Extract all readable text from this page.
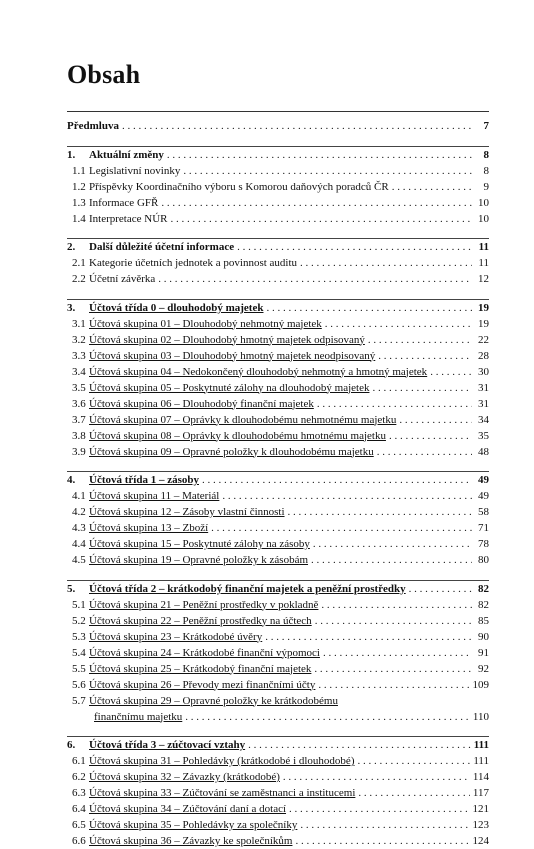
Obsah
Předmluva . . .	7
1.	Aktuální změny . . .	8
1.1 Legislativní novinky . . .	8
1.2 Příspěvky Koordinačního výboru s Komorou daňových poradců ČR . . .	9
1.3 Informace GFŘ . . .	10
1.4 Interpretace NÚR . . .	10
2.	Další důležité účetní informace . . .	11
2.1 Kategorie účetních jednotek a povinnost auditu . . .	11
2.2 Účetní závěrka . . .	12
3.	Účtová třída 0 – dlouhodobý majetek . . .	19
3.1 Účtová skupina 01 – Dlouhodobý nehmotný majetek . . .	19
3.2 Účtová skupina 02 – Dlouhodobý hmotný majetek odpisovaný . . .	22
3.3 Účtová skupina 03 – Dlouhodobý hmotný majetek neodpisovaný . . .	28
3.4 Účtová skupina 04 – Nedokončený dlouhodobý nehmotný a hmotný majetek . . .	30
3.5 Účtová skupina 05 – Poskytnuté zálohy na dlouhodobý majetek . . .	31
3.6 Účtová skupina 06 – Dlouhodobý finanční majetek . . .	31
3.7 Účtová skupina 07 – Oprávky k dlouhodobému nehmotnému majetku . . .	34
3.8 Účtová skupina 08 – Oprávky k dlouhodobému hmotnému majetku . . .	35
3.9 Účtová skupina 09 – Opravné položky k dlouhodobému majetku . . .	48
4.	Účtová třída 1 – zásoby . . .	49
4.1 Účtová skupina 11 – Materiál . . .	49
4.2 Účtová skupina 12 – Zásoby vlastní činnosti . . .	58
4.3 Účtová skupina 13 – Zboží . . .	71
4.4 Účtová skupina 15 – Poskytnuté zálohy na zásoby . . .	78
4.5 Účtová skupina 19 – Opravné položky k zásobám . . .	80
5.	Účtová třída 2 – krátkodobý finanční majetek a peněžní prostředky . . .	82
5.1 Účtová skupina 21 – Peněžní prostředky v pokladně . . .	82
5.2 Účtová skupina 22 – Peněžní prostředky na účtech . . .	85
5.3 Účtová skupina 23 – Krátkodobé úvěry . . .	90
5.4 Účtová skupina 24 – Krátkodobé finanční výpomoci . . .	91
5.5 Účtová skupina 25 – Krátkodobý finanční majetek . . .	92
5.6 Účtová skupina 26 – Převody mezi finančními účty . . .	109
5.7 Účtová skupina 29 – Opravné položky ke krátkodobému
finančnímu majetku . . .	110
6.	Účtová třída 3 – zúčtovací vztahy . . .	111
6.1 Účtová skupina 31 – Pohledávky (krátkodobé i dlouhodobé) . . .	111
6.2 Účtová skupina 32 – Závazky (krátkodobé) . . .	114
6.3 Účtová skupina 33 – Zúčtování se zaměstnanci a institucemi . . .	117
6.4 Účtová skupina 34 – Zúčtování daní a dotací . . .	121
6.5 Účtová skupina 35 – Pohledávky za společníky . . .	123
6.6 Účtová skupina 36 – Závazky ke společníkům . . .	124
